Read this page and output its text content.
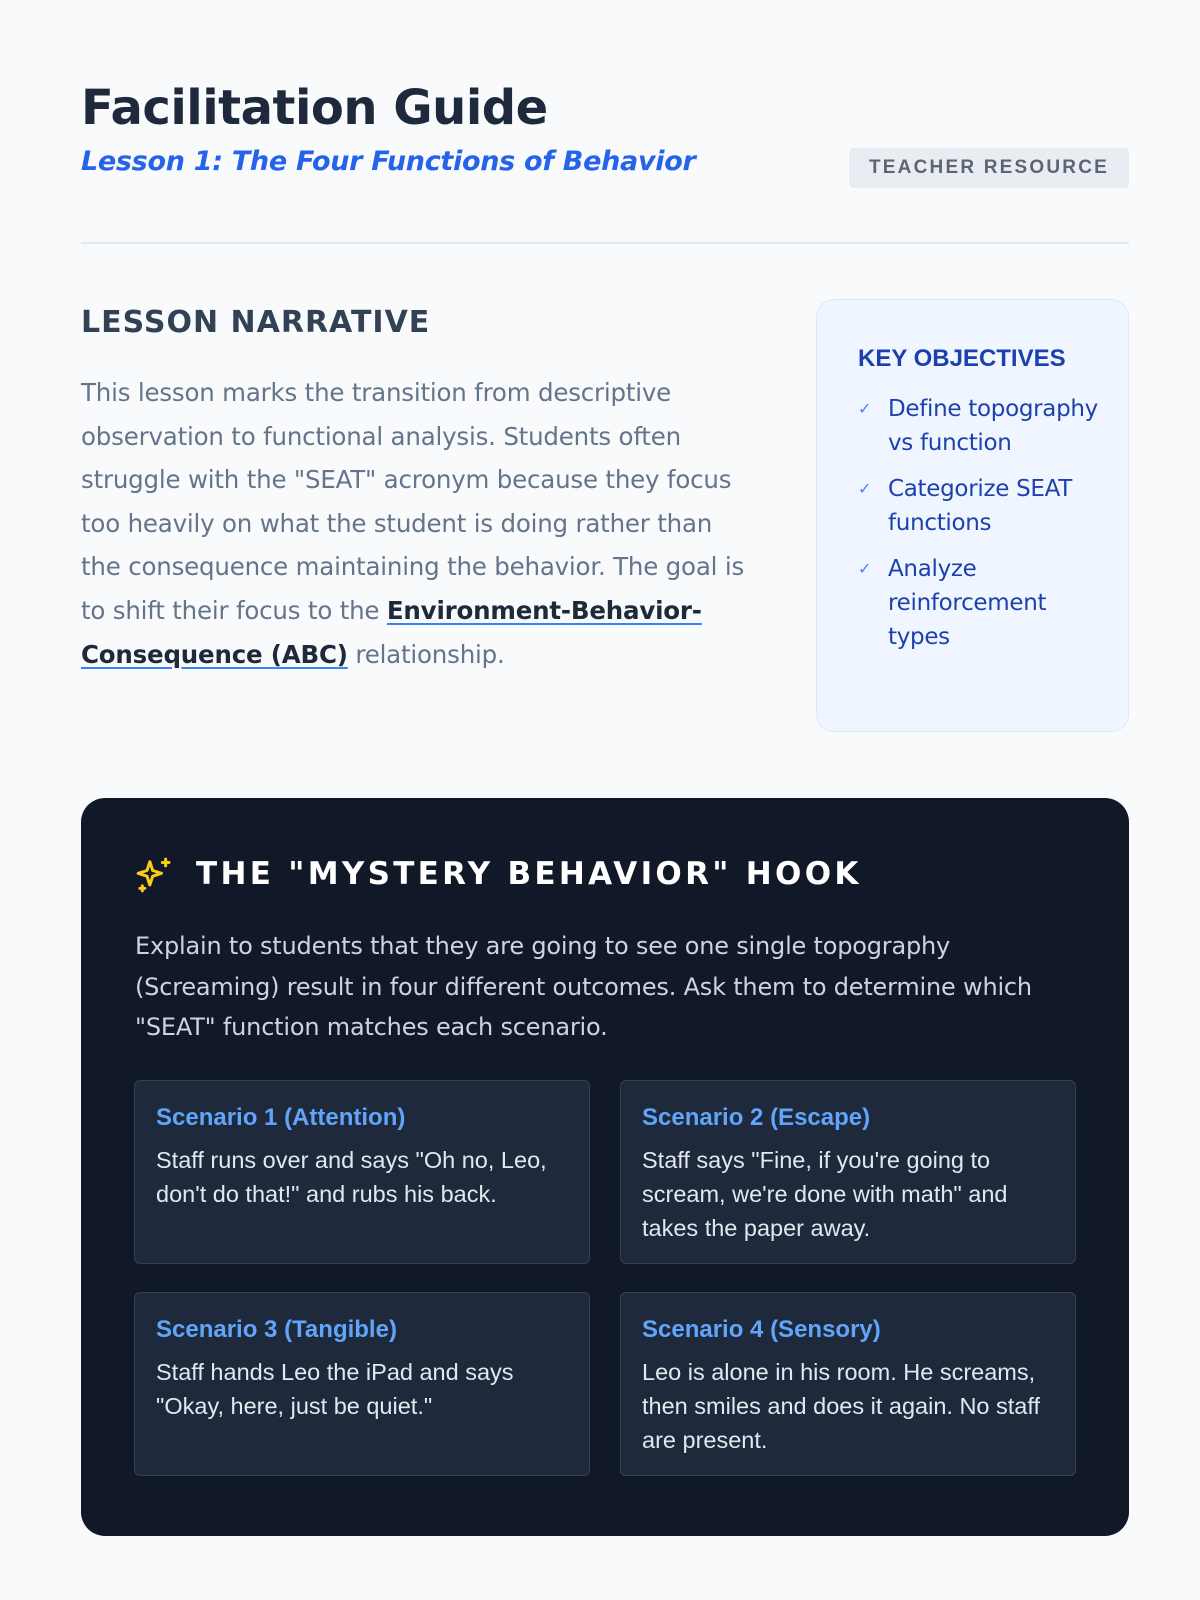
Facilitation Guide
Lesson 1: The Four Functions of Behavior	TEACHER RESOURCE
LESSON NARRATIVE

This lesson marks the transition from descriptive observation to functional analysis. Students often struggle with the "SEAT" acronym because they focus too heavily on what the student is doing rather than the consequence maintaining the behavior. The goal is to shift their focus to the Environment-Behavior-Consequence (ABC) relationship.

KEY OBJECTIVES
✓ Define topography vs function
✓ Categorize SEAT functions
✓ Analyze reinforcement types
THE "MYSTERY BEHAVIOR" HOOK

Explain to students that they are going to see one single topography (Screaming) result in four different outcomes. Ask them to determine which "SEAT" function matches each scenario.

Scenario 1 (Attention)
Staff runs over and says "Oh no, Leo, don't do that!" and rubs his back.
Scenario 2 (Escape)
Staff says "Fine, if you're going to scream, we're done with math" and takes the paper away.
Scenario 3 (Tangible)
Staff hands Leo the iPad and says "Okay, here, just be quiet."
Scenario 4 (Sensory)
Leo is alone in his room. He screams, then smiles and does it again. No staff are present.
